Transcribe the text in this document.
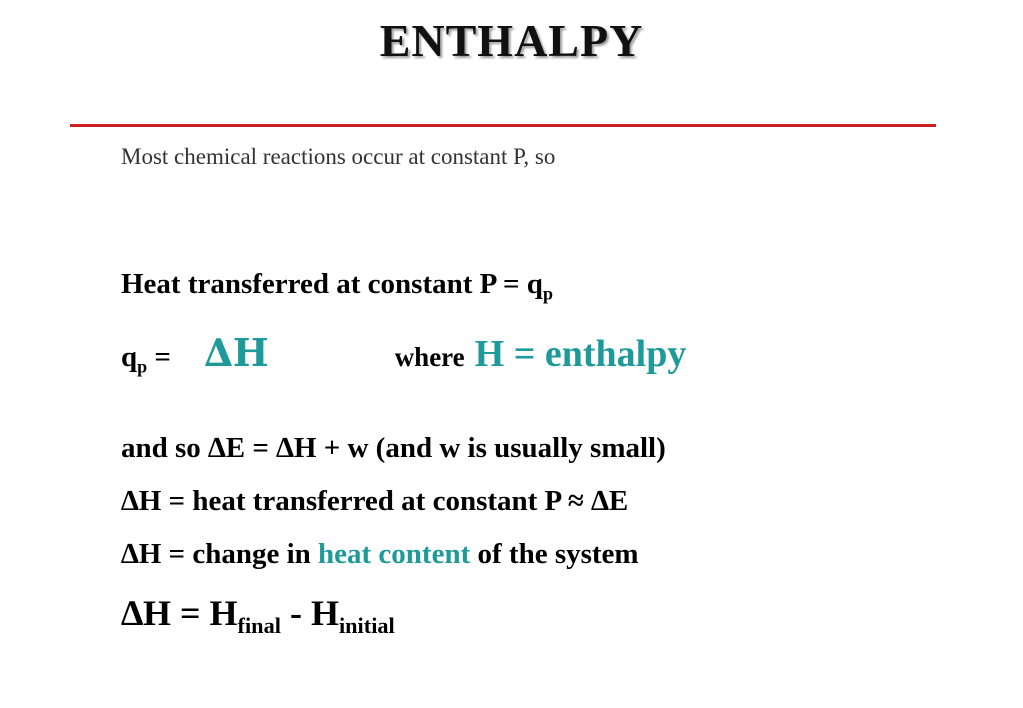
ENTHALPY
Most chemical reactions occur at constant P, so
Heat transferred at constant $P = q_p$
$q_p = \Delta H$	where H = enthalpy
and so ∆E = ∆H + w (and w is usually small)
∆H = heat transferred at constant P ≈ ∆E
∆H = change in heat content of the system
$\Delta H = H_{final} - H_{initial}$
